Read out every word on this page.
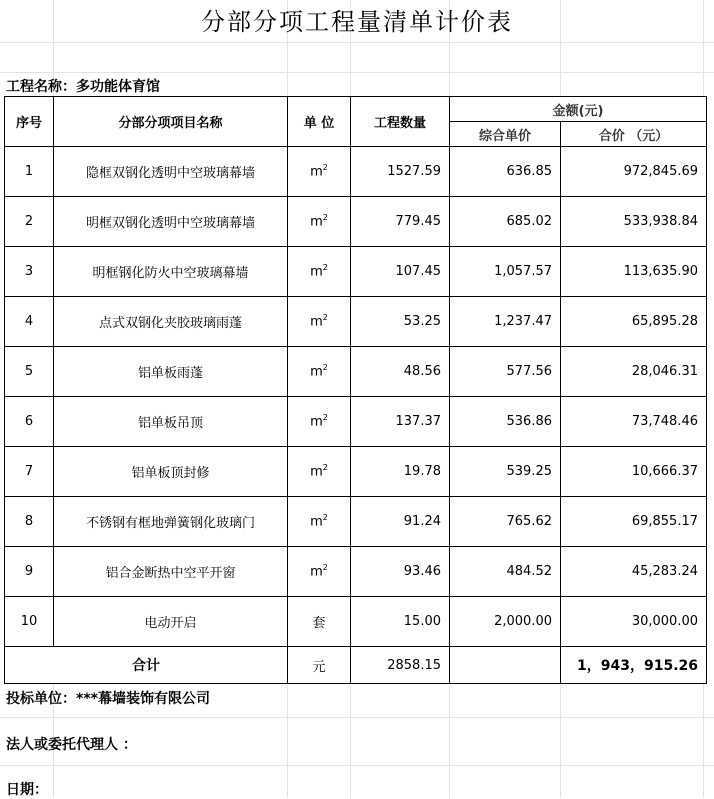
分部分项工程量清单计价表
工程名称：多功能体育馆
序号	分部分项项目名称	单 位	工程数量	金额(元)	
				综合单价	合价 （元）
1	隐框双钢化透明中空玻璃幕墙	$m^2$	1527.59	636.85	972,845.69
2	明框双钢化透明中空玻璃幕墙	$m^2$	779.45	685.02	533,938.84
3	明框钢化防火中空玻璃幕墙	$m^2$	107.45	1,057.57	113,635.90
4	点式双钢化夹胶玻璃雨蓬	$m^2$	53.25	1,237.47	65,895.28
5	铝单板雨蓬	$m^2$	48.56	577.56	28,046.31
6	铝单板吊顶	$m^2$	137.37	536.86	73,748.46
7	铝单板顶封修	$m^2$	19.78	539.25	10,666.37
8	不锈钢有框地弹簧钢化玻璃门	$m^2$	91.24	765.62	69,855.17
9	铝合金断热中空平开窗	$m^2$	93.46	484.52	45,283.24
10	电动开启	套	15.00	2,000.00	30,000.00
合计		元	2858.15		1，943，915.26
投标单位：***幕墙装饰有限公司
法人或委托代理人 ：
日期：
